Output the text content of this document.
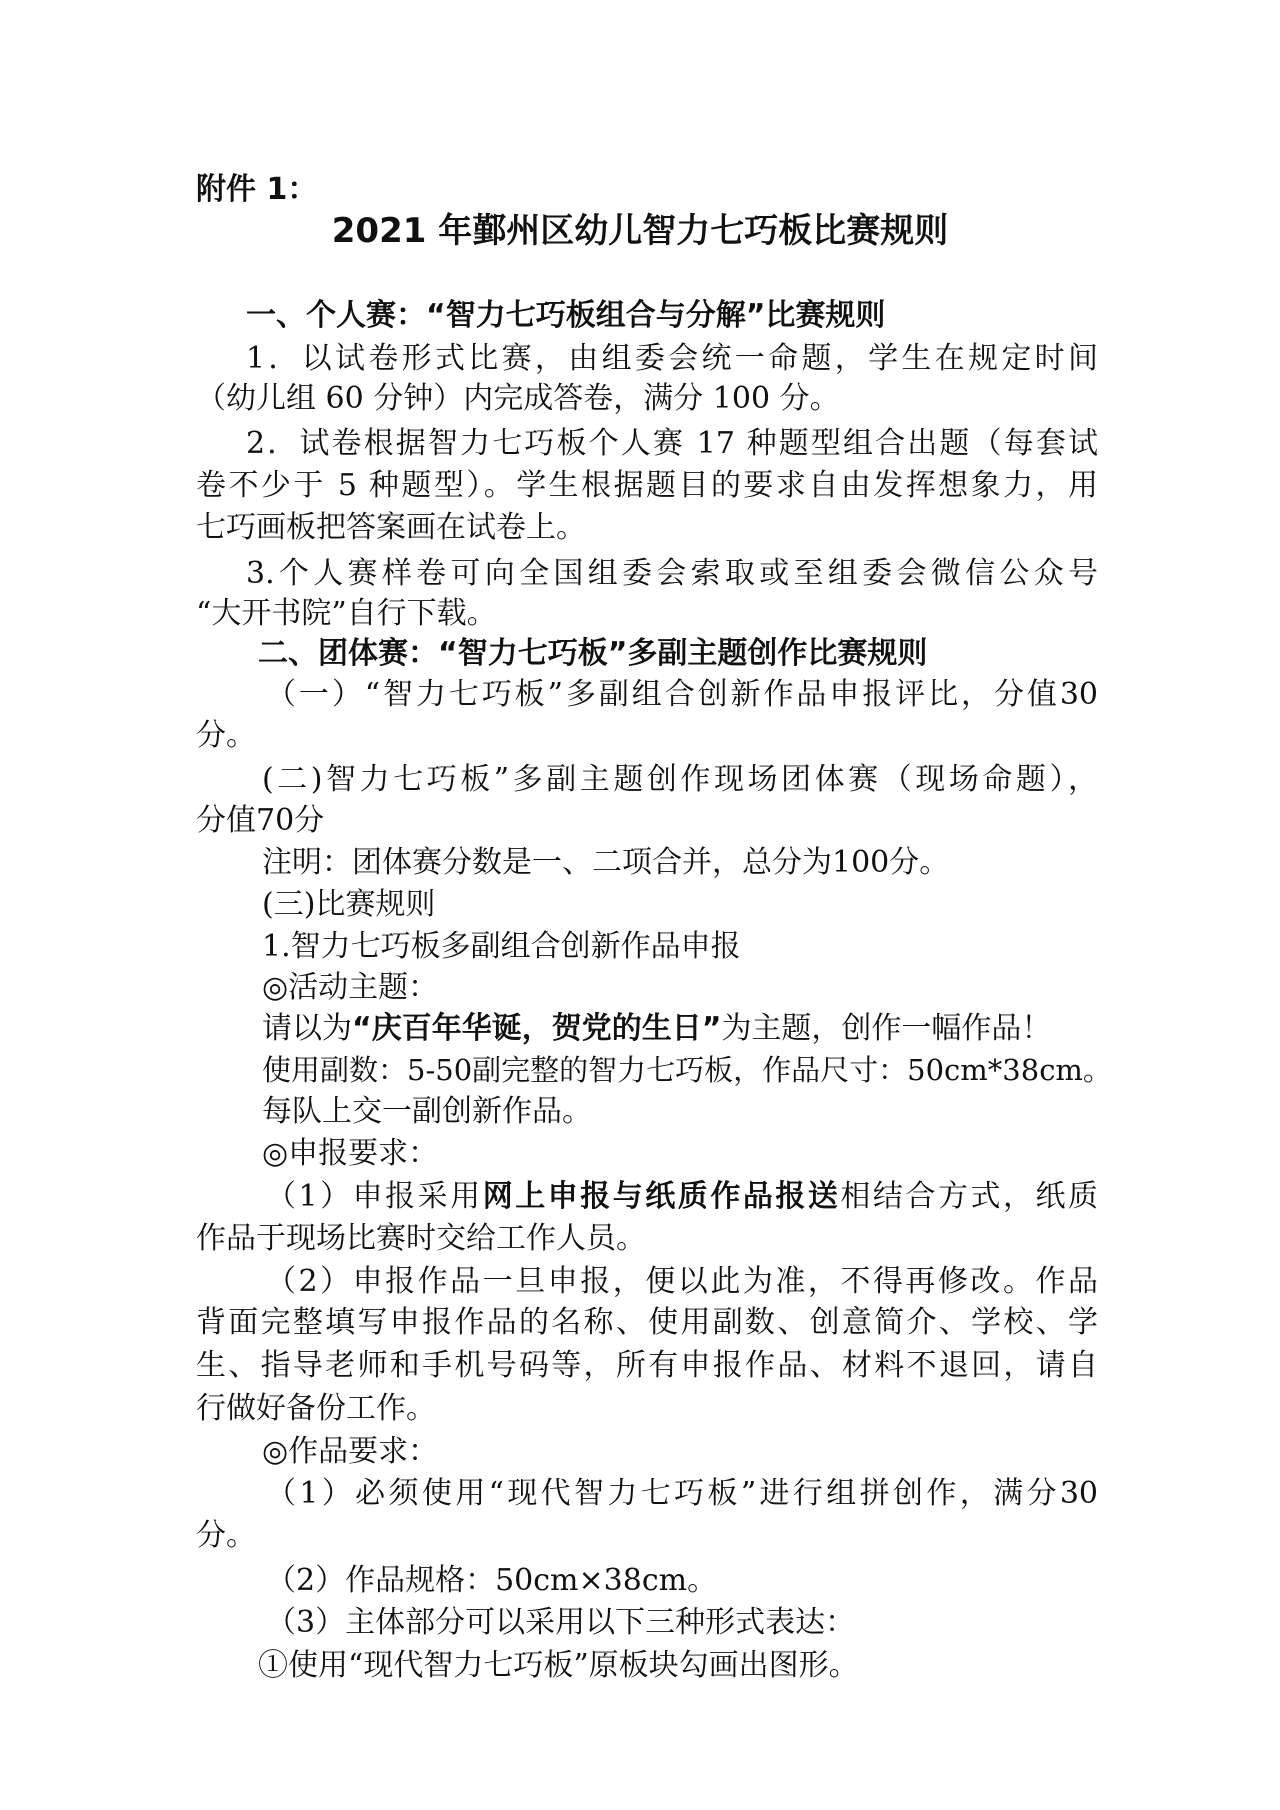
附件 1：
2021 年鄞州区幼儿智力七巧板比赛规则
一、个人赛：“智力七巧板组合与分解”比赛规则
1．以试卷形式比赛，由组委会统一命题，学生在规定时间
（幼儿组 60 分钟）内完成答卷，满分 100 分。
2．试卷根据智力七巧板个人赛 17 种题型组合出题（每套试
卷不少于 5 种题型）。学生根据题目的要求自由发挥想象力，用
七巧画板把答案画在试卷上。
3.个人赛样卷可向全国组委会索取或至组委会微信公众号
“大开书院”自行下载。
二、团体赛：“智力七巧板”多副主题创作比赛规则
（一）“智力七巧板”多副组合创新作品申报评比，分值30
分。
(二)智力七巧板”多副主题创作现场团体赛（现场命题），
分值70分
注明：团体赛分数是一、二项合并，总分为100分。
(三)比赛规则
1.智力七巧板多副组合创新作品申报
◎活动主题：
请以为“庆百年华诞，贺党的生日”为主题，创作一幅作品！
使用副数：5-50副完整的智力七巧板，作品尺寸：50cm*38cm。
每队上交一副创新作品。
◎申报要求：
（1）申报采用网上申报与纸质作品报送相结合方式，纸质
作品于现场比赛时交给工作人员。
（2）申报作品一旦申报，便以此为准，不得再修改。作品
背面完整填写申报作品的名称、使用副数、创意简介、学校、学
生、指导老师和手机号码等，所有申报作品、材料不退回，请自
行做好备份工作。
◎作品要求：
（1）必须使用“现代智力七巧板”进行组拼创作，满分30
分。
（2）作品规格：50cm×38cm。
（3）主体部分可以采用以下三种形式表达：
①使用“现代智力七巧板”原板块勾画出图形。
